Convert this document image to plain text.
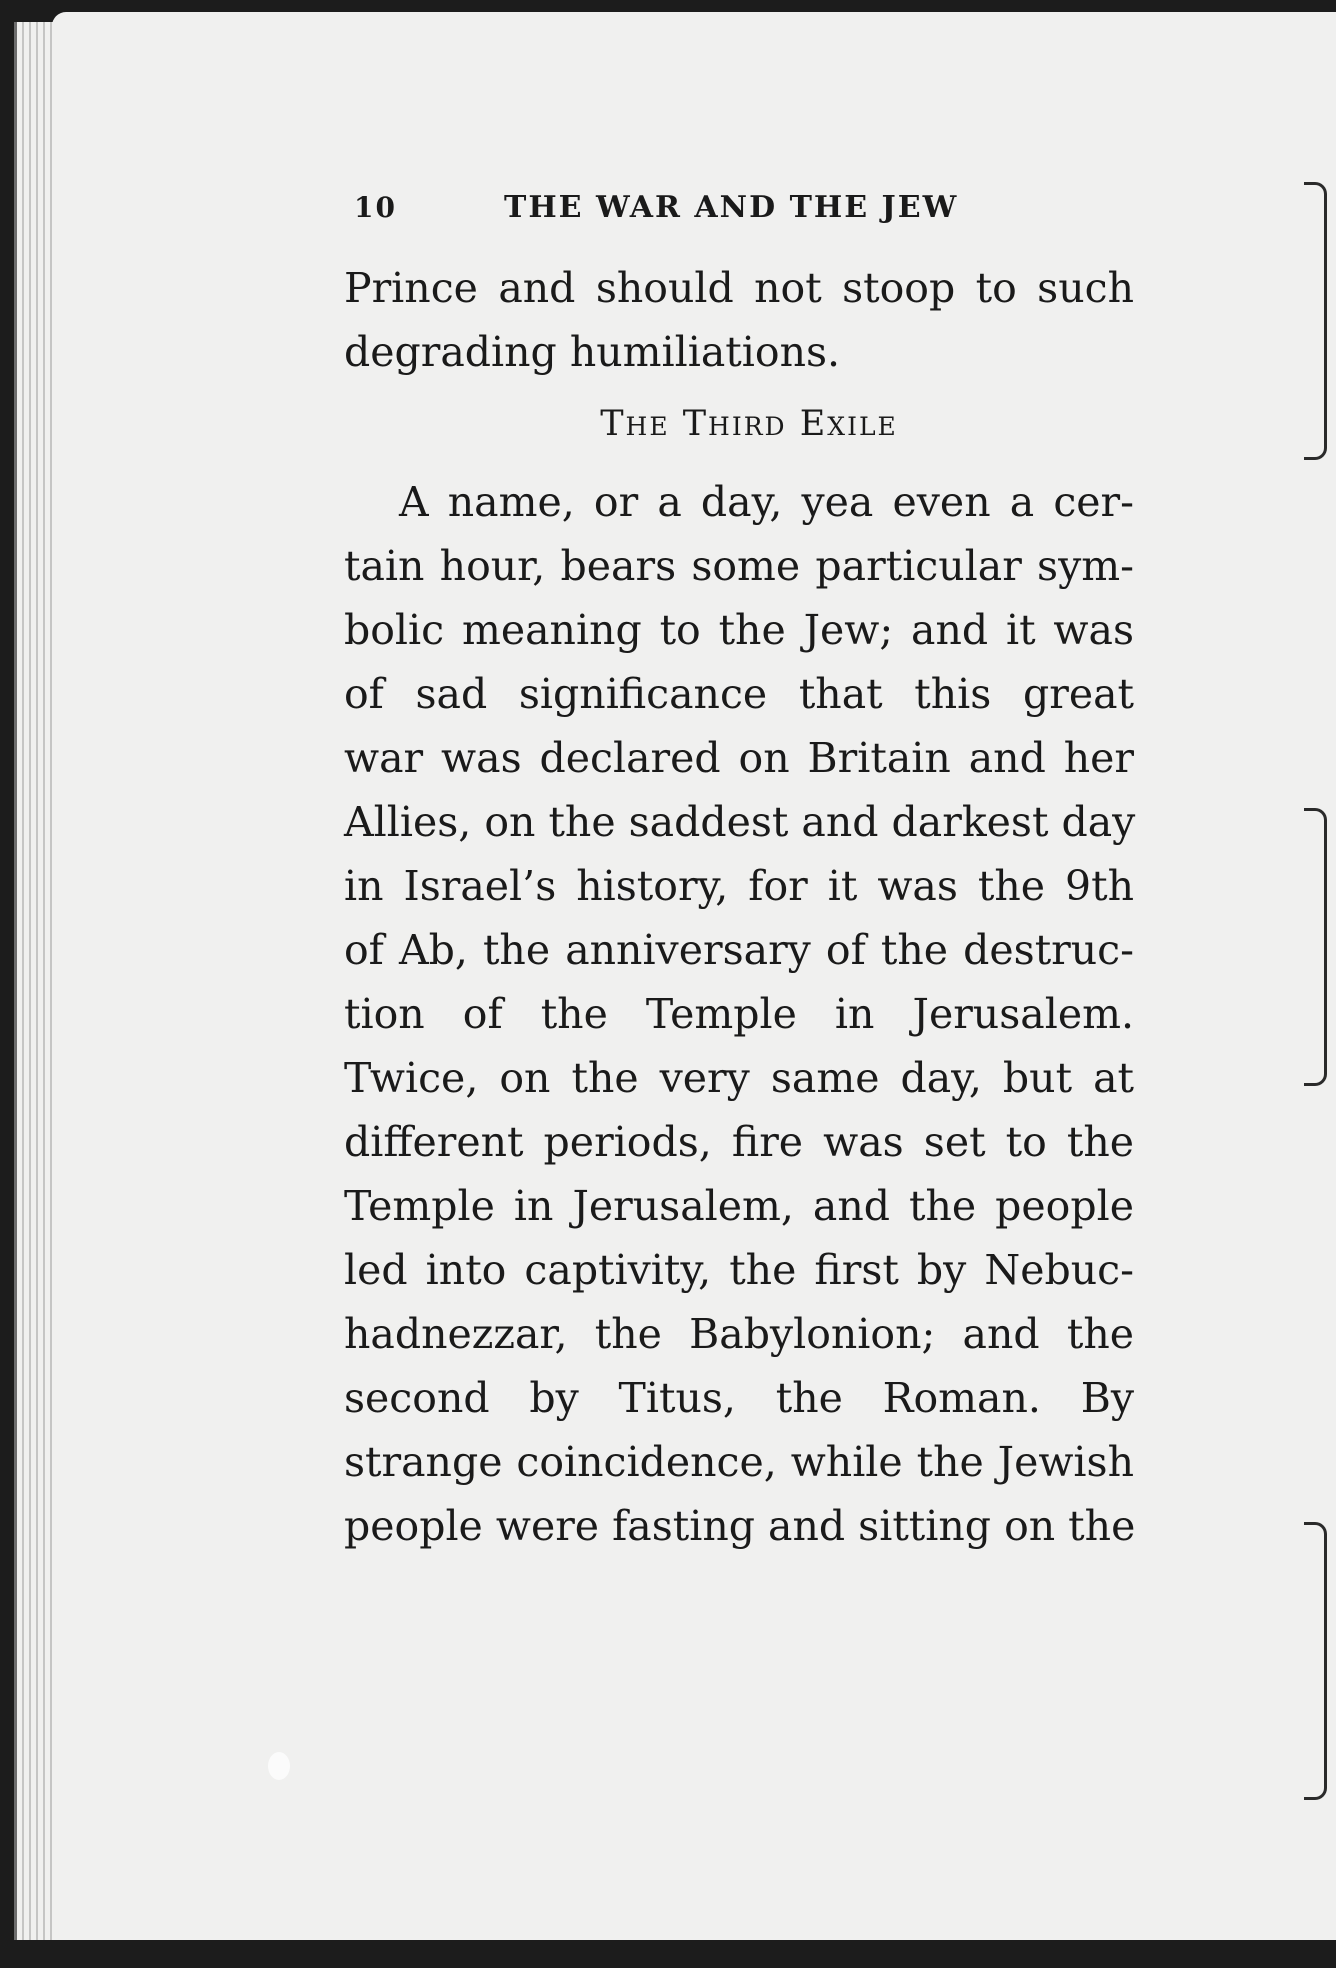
10	THE WAR AND THE JEW
Prince and should not stoop to such
degrading humiliations.
The Third Exile
A name, or a day, yea even a cer-
tain hour, bears some particular sym-
bolic meaning to the Jew; and it was
of sad significance that this great
war was declared on Britain and her
Allies, on the saddest and darkest day
in Israel’s history, for it was the 9th
of Ab, the anniversary of the destruc-
tion of the Temple in Jerusalem.
Twice, on the very same day, but at
different periods, fire was set to the
Temple in Jerusalem, and the people
led into captivity, the first by Nebuc-
hadnezzar, the Babylonion; and the
second by Titus, the Roman. By
strange coincidence, while the Jewish
people were fasting and sitting on the
